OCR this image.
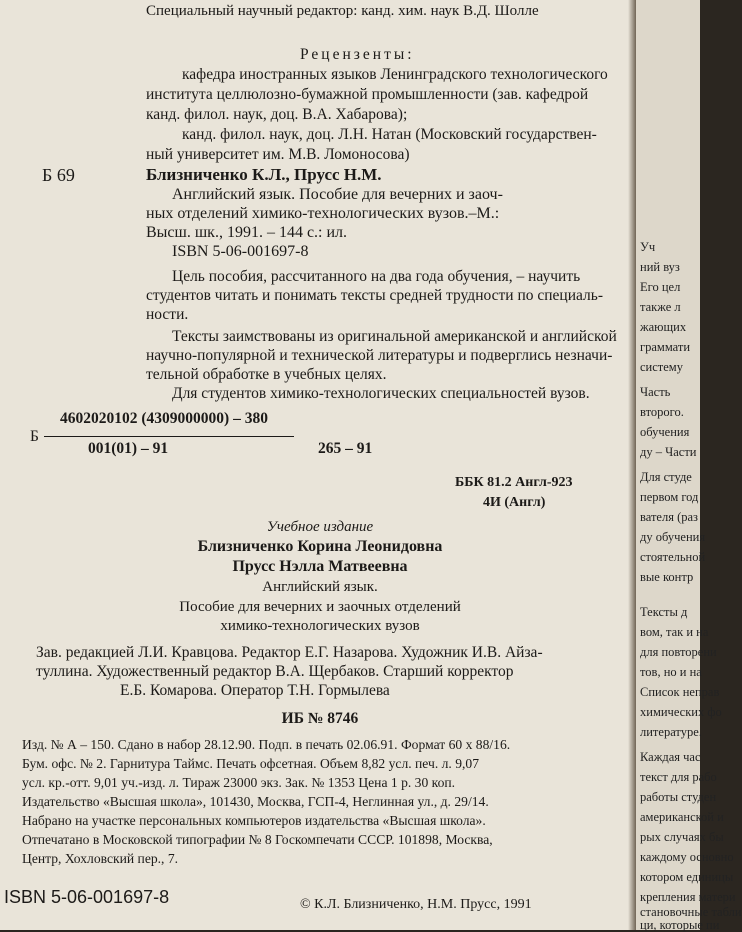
Специальный научный редактор: канд. хим. наук В.Д. Шолле
Рецензенты:
кафедра иностранных языков Ленинградского технологического
института целлюлозно-бумажной промышленности (зав. кафедрой
канд. филол. наук, доц. В.А. Хабарова);
канд. филол. наук, доц. Л.Н. Натан (Московский государствен-
ный университет им. М.В. Ломоносова)
Б 69	Близниченко К.Л., Прусс Н.М.
Английский язык. Пособие для вечерних и заоч-
ных отделений химико-технологических вузов.–М.:
Высш. шк., 1991. – 144 с.: ил.
ISBN 5-06-001697-8
Цель пособия, рассчитанного на два года обучения, – научить
студентов читать и понимать тексты средней трудности по специаль-
ности.
Тексты заимствованы из оригинальной американской и английской
научно-популярной и технической литературы и подверглись незначи-
тельной обработке в учебных целях.
Для студентов химико-технологических специальностей вузов.
4602020102 (4309000000) – 380
Б
001(01) – 91	265 – 91
ББК 81.2 Англ-923
4И (Англ)
Учебное издание
Близниченко Корина Леонидовна
Прусс Нэлла Матвеевна
Английский язык.
Пособие для вечерних и заочных отделений
химико-технологических вузов
Зав. редакцией Л.И. Кравцова. Редактор Е.Г. Назарова. Художник И.В. Айза-
туллина. Художественный редактор В.А. Щербаков. Старший корректор
Е.Б. Комарова. Оператор Т.Н. Гормылева
ИБ № 8746
Изд. № А – 150. Сдано в набор 28.12.90. Подп. в печать 02.06.91. Формат 60 х 88/16.
Бум. офс. № 2. Гарнитура Таймс. Печать офсетная. Объем 8,82 усл. печ. л. 9,07
усл. кр.-отт. 9,01 уч.-изд. л. Тираж 23000 экз. Зак. № 1353 Цена 1 р. 30 коп.
Издательство «Высшая школа», 101430, Москва, ГСП-4, Неглинная ул., д. 29/14.
Набрано на участке персональных компьютеров издательства «Высшая школа».
Отпечатано в Московской типографии № 8 Госкомпечати СССР. 101898, Москва,
Центр, Хохловский пер., 7.
ISBN 5-06-001697-8	© К.Л. Близниченко, Н.М. Прусс, 1991
Уч
ний вуз
Его цел
также л
жающих
граммати
систему
Часть
второго.
обучения
ду – Части
Для студе
первом год
вателя (раз
ду обучения
стоятельной
вые контр
Тексты д
вом, так и на
для повторени
тов, но и на
Список неправ
химических фо
литературе.
Каждая час
текст для рабо
работы студен
американской и
рых случаях бы
каждому основно
котором единицы
крепления матери
становочные табли
ци, которые пи
